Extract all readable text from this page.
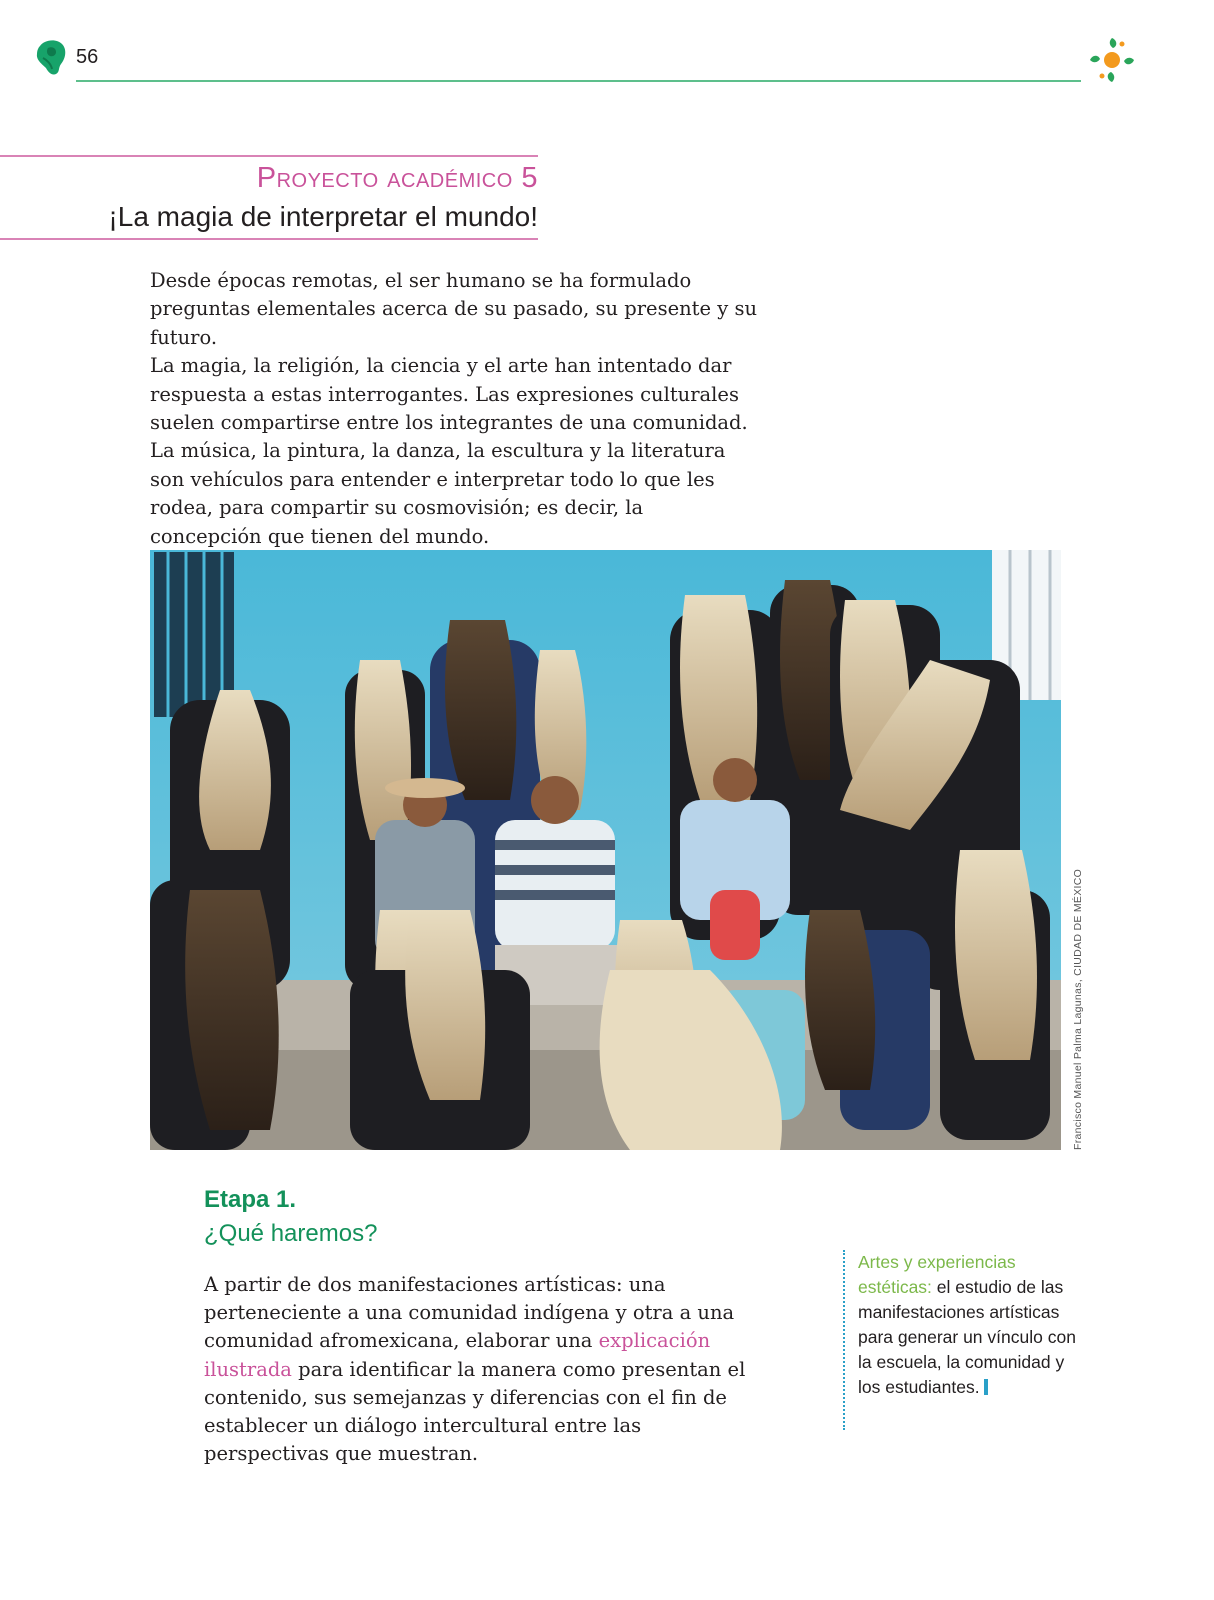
56
Proyecto académico 5
¡La magia de interpretar el mundo!
Desde épocas remotas, el ser humano se ha formulado preguntas elementales acerca de su pasado, su presente y su futuro.
La magia, la religión, la ciencia y el arte han intentado dar respuesta a estas interrogantes. Las expresiones culturales suelen compartirse entre los integrantes de una comunidad. La música, la pintura, la danza, la escultura y la literatura son vehículos para entender e interpretar todo lo que les rodea, para compartir su cosmovisión; es decir, la concepción que tienen del mundo.
Francisco Manuel Palma Lagunas, CIUDAD DE MÉXICO
Etapa 1.
¿Qué haremos?
A partir de dos manifestaciones artísticas: una perteneciente a una comunidad indígena y otra a una comunidad afromexicana, elaborar una explicación ilustrada para identificar la manera como presentan el contenido, sus semejanzas y diferencias con el fin de establecer un diálogo intercultural entre las perspectivas que muestran.
Artes y experiencias estéticas: el estudio de las manifestaciones artísticas para generar un vínculo con la escuela, la comunidad y los estudiantes.
